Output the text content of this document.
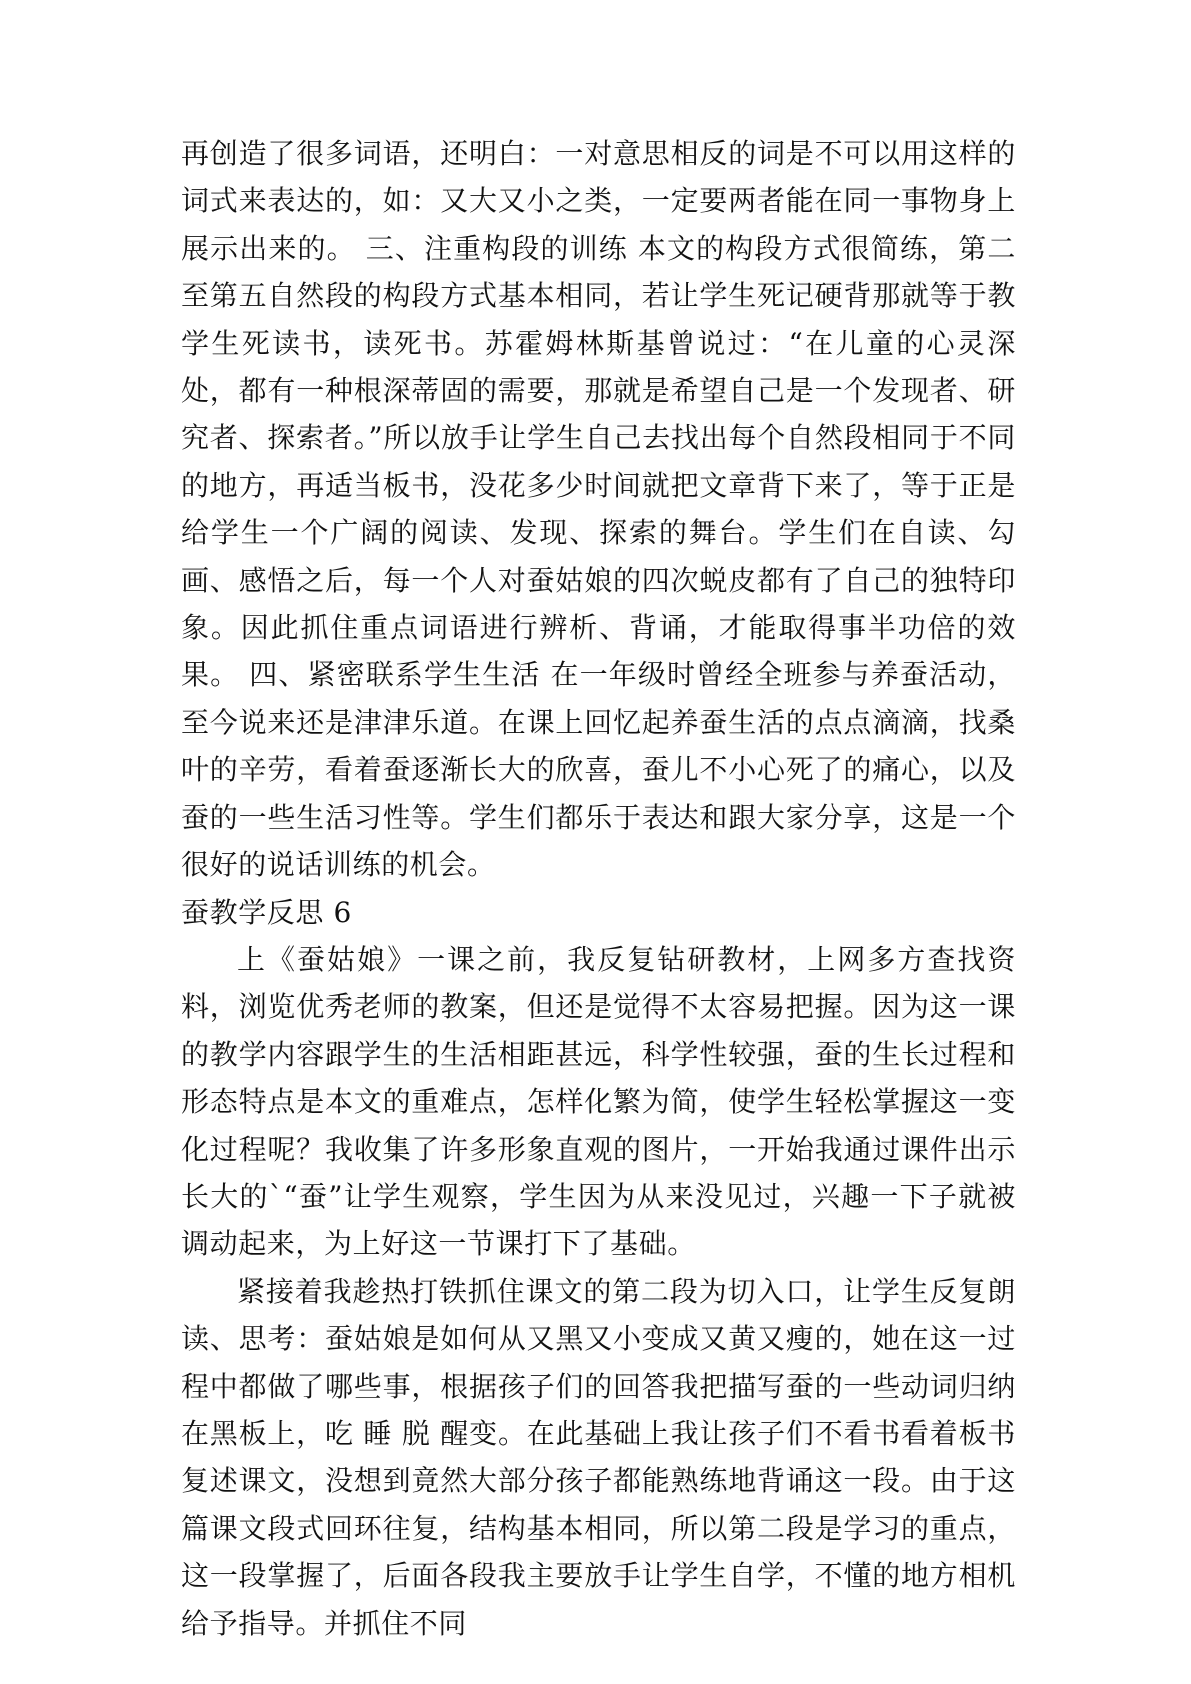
再创造了很多词语，还明白：一对意思相反的词是不可以用这样的词式来表达的，如：又大又小之类，一定要两者能在同一事物身上展示出来的。 三、注重构段的训练 本文的构段方式很简练，第二至第五自然段的构段方式基本相同，若让学生死记硬背那就等于教学生死读书，读死书。苏霍姆林斯基曾说过：“在儿童的心灵深处，都有一种根深蒂固的需要，那就是希望自己是一个发现者、研究者、探索者。”所以放手让学生自己去找出每个自然段相同于不同的地方，再适当板书，没花多少时间就把文章背下来了，等于正是给学生一个广阔的阅读、发现、探索的舞台。学生们在自读、勾画、感悟之后，每一个人对蚕姑娘的四次蜕皮都有了自己的独特印象。因此抓住重点词语进行辨析、背诵，才能取得事半功倍的效果。 四、紧密联系学生生活 在一年级时曾经全班参与养蚕活动，至今说来还是津津乐道。在课上回忆起养蚕生活的点点滴滴，找桑叶的辛劳，看着蚕逐渐长大的欣喜，蚕儿不小心死了的痛心，以及蚕的一些生活习性等。学生们都乐于表达和跟大家分享，这是一个很好的说话训练的机会。

蚕教学反思 6

上《蚕姑娘》一课之前，我反复钻研教材，上网多方查找资料，浏览优秀老师的教案，但还是觉得不太容易把握。因为这一课的教学内容跟学生的生活相距甚远，科学性较强，蚕的生长过程和形态特点是本文的重难点，怎样化繁为简，使学生轻松掌握这一变化过程呢？我收集了许多形象直观的图片，一开始我通过课件出示长大的`“蚕”让学生观察，学生因为从来没见过，兴趣一下子就被调动起来，为上好这一节课打下了基础。

紧接着我趁热打铁抓住课文的第二段为切入口，让学生反复朗读、思考：蚕姑娘是如何从又黑又小变成又黄又瘦的，她在这一过程中都做了哪些事，根据孩子们的回答我把描写蚕的一些动词归纳在黑板上，吃 睡 脱 醒变。在此基础上我让孩子们不看书看着板书复述课文，没想到竟然大部分孩子都能熟练地背诵这一段。由于这篇课文段式回环往复，结构基本相同，所以第二段是学习的重点，这一段掌握了，后面各段我主要放手让学生自学，不懂的地方相机给予指导。并抓住不同
